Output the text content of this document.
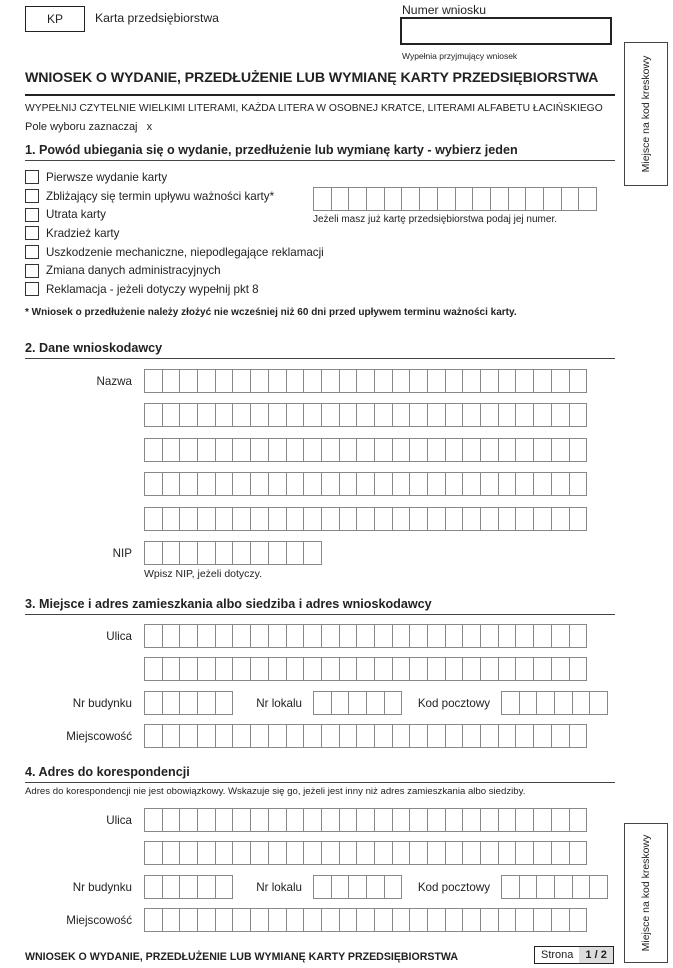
KP	Karta przedsiębiorstwa
Numer wniosku
Wypełnia przyjmujący wniosek	Miejsce na kod kreskowy
WNIOSEK O WYDANIE, PRZEDŁUŻENIE LUB WYMIANĘ KARTY PRZEDSIĘBIORSTWA
WYPEŁNIJ CZYTELNIE WIELKIMI LITERAMI, KAŻDA LITERA W OSOBNEJ KRATCE, LITERAMI ALFABETU ŁACIŃSKIEGO
Pole wyboru zaznaczaj   x
1. Powód ubiegania się o wydanie, przedłużenie lub wymianę karty - wybierz jeden
Pierwsze wydanie karty
Zbliżający się termin upływu ważności karty*
Utrata karty
Kradzież karty
Uszkodzenie mechaniczne, niepodlegające reklamacji
Zmiana danych administracyjnych
Reklamacja - jeżeli dotyczy wypełnij pkt 8
Jeżeli masz już kartę przedsiębiorstwa podaj jej numer.
* Wniosek o przedłużenie należy złożyć nie wcześniej niż 60 dni przed upływem terminu ważności karty.
2. Dane wnioskodawcy
Nazwa
NIP
Wpisz NIP, jeżeli dotyczy.
3. Miejsce i adres zamieszkania albo siedziba i adres wnioskodawcy
Ulica
Nr budynku	Nr lokalu	Kod pocztowy
Miejscowość
4. Adres do korespondencji
Adres do korespondencji nie jest obowiązkowy. Wskazuje się go, jeżeli jest inny niż adres zamieszkania albo siedziby.
Ulica
Nr budynku	Nr lokalu	Kod pocztowy
Miejscowość	Miejsce na kod kreskowy
WNIOSEK O WYDANIE, PRZEDŁUŻENIE LUB WYMIANĘ KARTY PRZEDSIĘBIORSTWA	Strona	1 / 2
